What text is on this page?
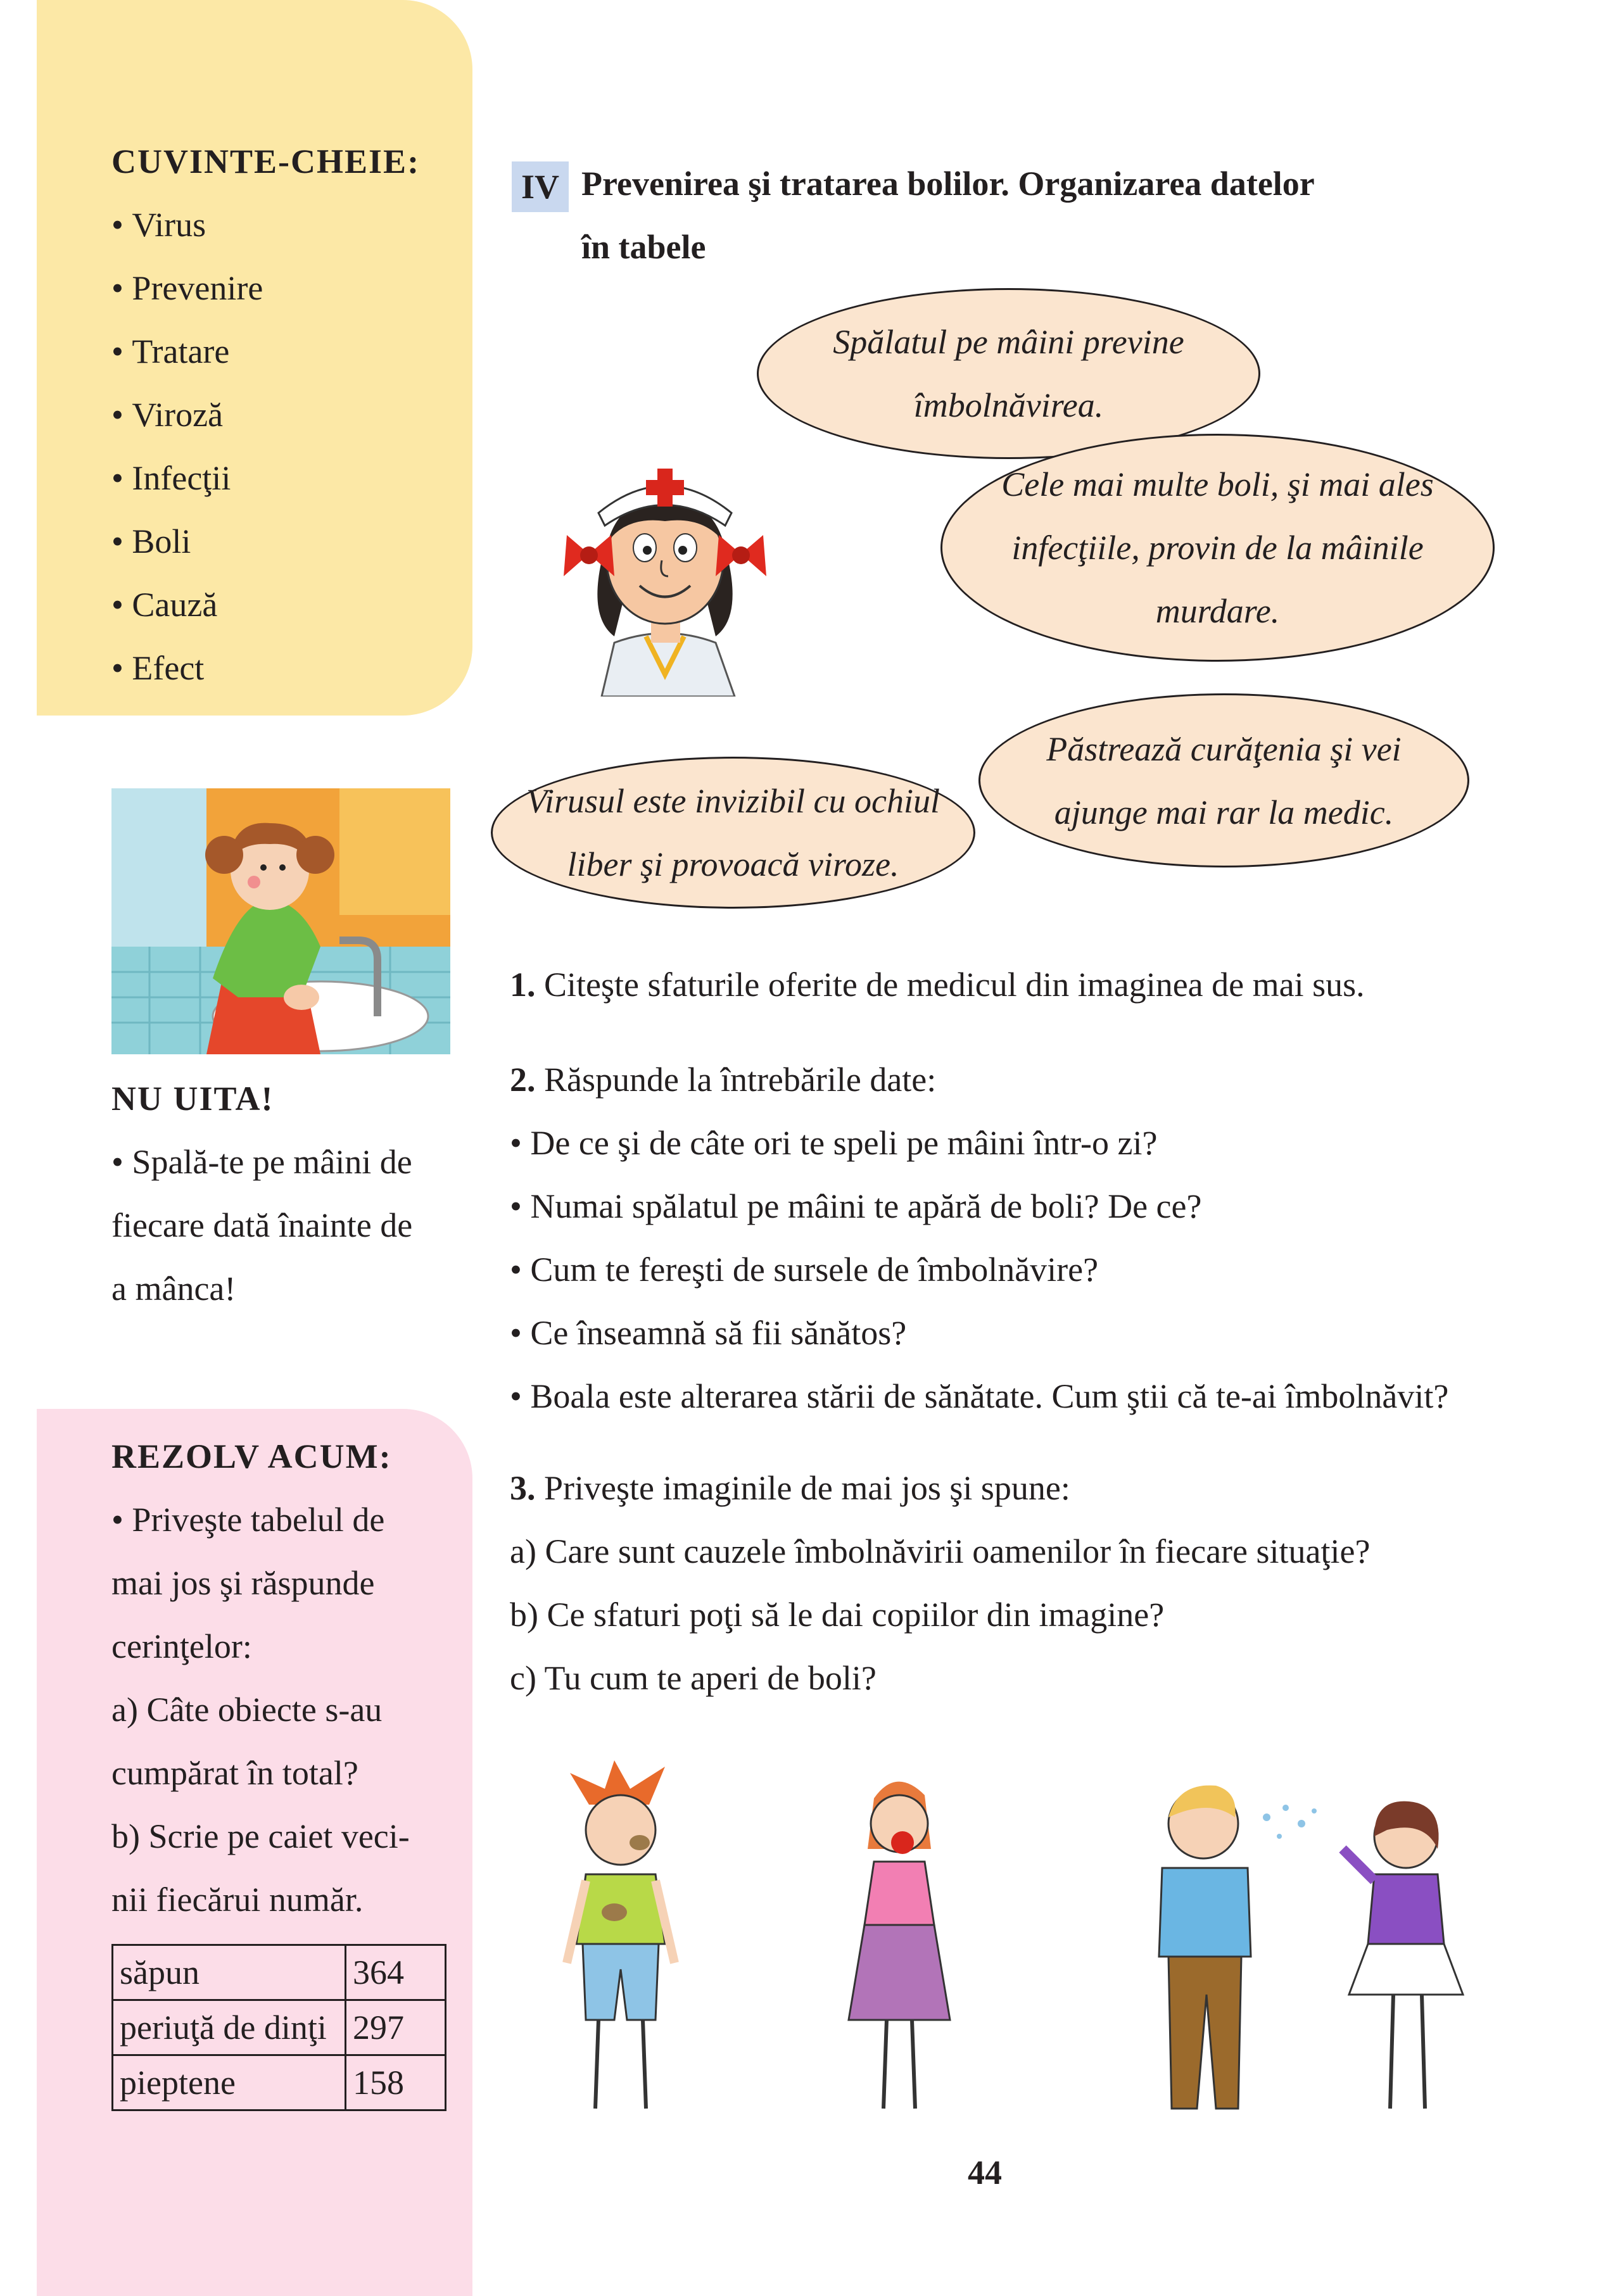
CUVINTE-CHEIE:
• Virus
• Prevenire
• Tratare
• Viroză
• Infecţii
• Boli
• Cauză
• Efect
NU UITA!
• Spală-te pe mâini de
fiecare dată înainte de
a mânca!
REZOLV ACUM:
• Priveşte tabelul de
mai jos şi răspunde
cerinţelor:
a) Câte obiecte s-au
cumpărat în total?
b) Scrie pe caiet veci-
nii fiecărui număr.
săpun	364
periuţă de dinţi	297
pieptene	158
IV Prevenirea şi tratarea bolilor. Organizarea datelor
în tabele
Spălatul pe mâini previne
îmbolnăvirea.
Cele mai multe boli, şi mai ales
infecţiile, provin de la mâinile
murdare.
Păstrează curăţenia şi vei
ajunge mai rar la medic.
Virusul este invizibil cu ochiul
liber şi provoacă viroze.
1. Citeşte sfaturile oferite de medicul din imaginea de mai sus.
2. Răspunde la întrebările date:
• De ce şi de câte ori te speli pe mâini într-o zi?
• Numai spălatul pe mâini te apără de boli? De ce?
• Cum te fereşti de sursele de îmbolnăvire?
• Ce înseamnă să fii sănătos?
• Boala este alterarea stării de sănătate. Cum ştii că te-ai îmbolnăvit?
3. Priveşte imaginile de mai jos şi spune:
a) Care sunt cauzele îmbolnăvirii oamenilor în fiecare situaţie?
b) Ce sfaturi poţi să le dai copiilor din imagine?
c) Tu cum te aperi de boli?
44
